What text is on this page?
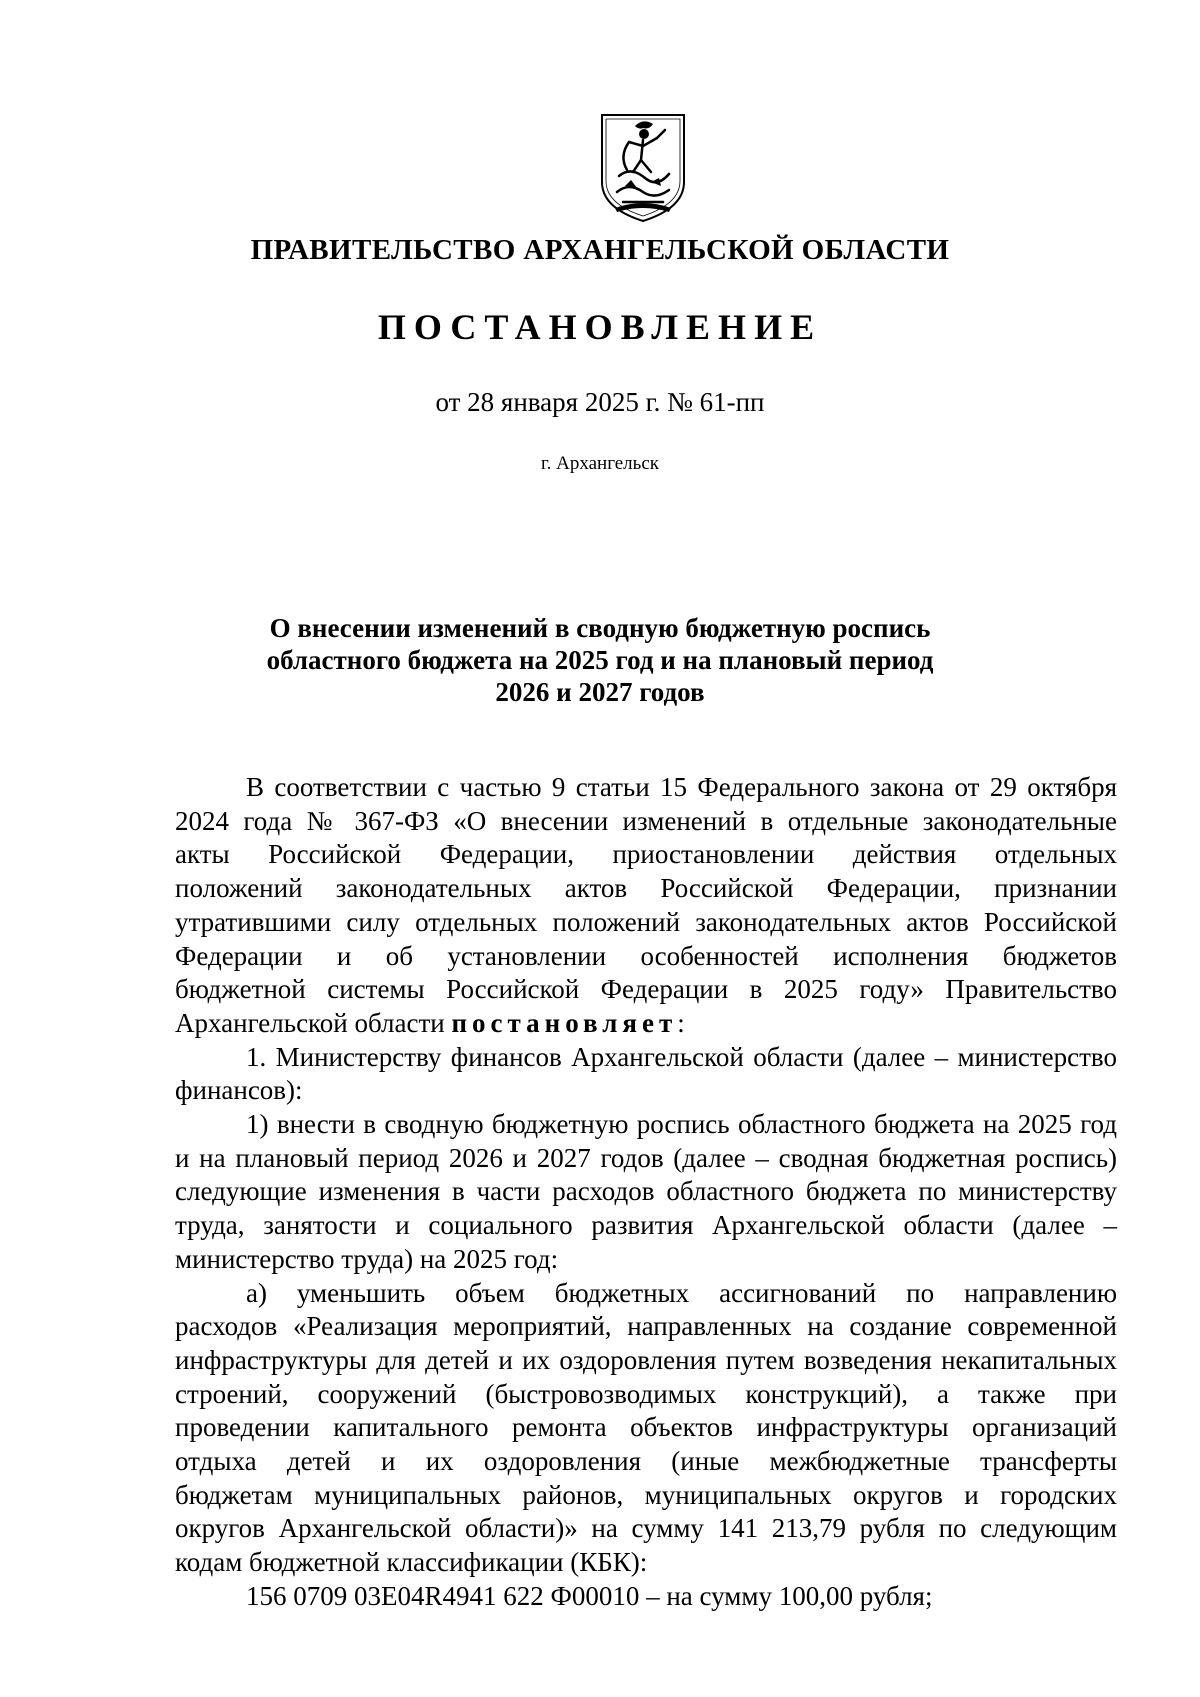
ПРАВИТЕЛЬСТВО АРХАНГЕЛЬСКОЙ ОБЛАСТИ
ПОСТАНОВЛЕНИЕ
от 28 января 2025 г. № 61-пп
г. Архангельск
О внесении изменений в сводную бюджетную роспись
областного бюджета на 2025 год и на плановый период
2026 и 2027 годов
В соответствии с частью 9 статьи 15 Федерального закона от 29 октября
2024 года № 367-ФЗ «О внесении изменений в отдельные законодательные
акты Российской Федерации, приостановлении действия отдельных
положений законодательных актов Российской Федерации, признании
утратившими силу отдельных положений законодательных актов Российской
Федерации и об установлении особенностей исполнения бюджетов
бюджетной системы Российской Федерации в 2025 году» Правительство
Архангельской области постановляет:
1. Министерству финансов Архангельской области (далее – министерство
финансов):
1) внести в сводную бюджетную роспись областного бюджета на 2025 год
и на плановый период 2026 и 2027 годов (далее – сводная бюджетная роспись)
следующие изменения в части расходов областного бюджета по министерству
труда, занятости и социального развития Архангельской области (далее –
министерство труда) на 2025 год:
а) уменьшить объем бюджетных ассигнований по направлению
расходов «Реализация мероприятий, направленных на создание современной
инфраструктуры для детей и их оздоровления путем возведения некапитальных
строений, сооружений (быстровозводимых конструкций), а также при
проведении капитального ремонта объектов инфраструктуры организаций
отдыха детей и их оздоровления (иные межбюджетные трансферты
бюджетам муниципальных районов, муниципальных округов и городских
округов Архангельской области)» на сумму 141 213,79 рубля по следующим
кодам бюджетной классификации (КБК):
156 0709 03E04R4941 622 Ф00010 – на сумму 100,00 рубля;
